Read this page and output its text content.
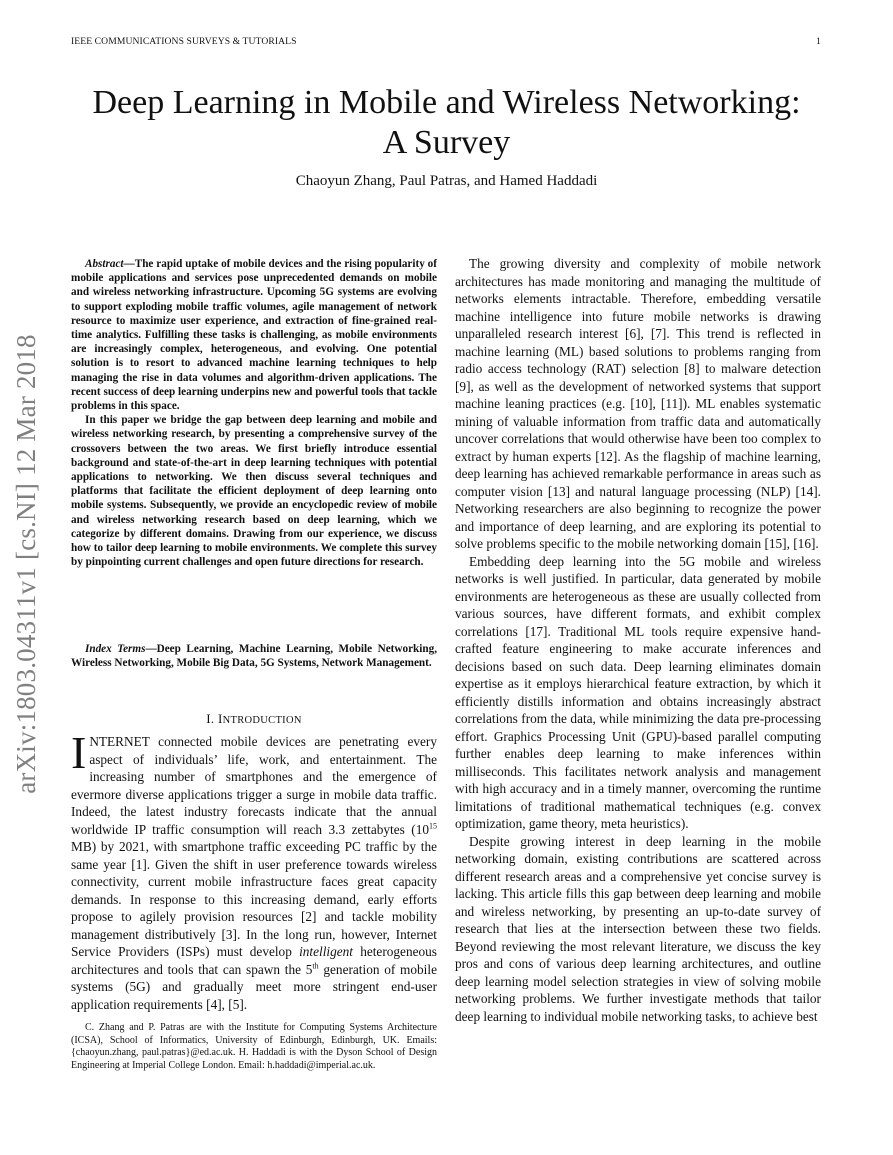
IEEE COMMUNICATIONS SURVEYS & TUTORIALS	1
Deep Learning in Mobile and Wireless Networking:
A Survey
Chaoyun Zhang, Paul Patras, and Hamed Haddadi
arXiv:1803.04311v1 [cs.NI] 12 Mar 2018

Abstract—The rapid uptake of mobile devices and the rising popularity of mobile applications and services pose unprecedented demands on mobile and wireless networking infrastructure. Upcoming 5G systems are evolving to support exploding mobile traffic volumes, agile management of network resource to maximize user experience, and extraction of fine-grained real-time analytics. Fulfilling these tasks is challenging, as mobile environments are increasingly complex, heterogeneous, and evolving. One potential solution is to resort to advanced machine learning techniques to help managing the rise in data volumes and algorithm-driven applications. The recent success of deep learning underpins new and powerful tools that tackle problems in this space.

In this paper we bridge the gap between deep learning and mobile and wireless networking research, by presenting a comprehensive survey of the crossovers between the two areas. We first briefly introduce essential background and state-of-the-art in deep learning techniques with potential applications to networking. We then discuss several techniques and platforms that facilitate the efficient deployment of deep learning onto mobile systems. Subsequently, we provide an encyclopedic review of mobile and wireless networking research based on deep learning, which we categorize by different domains. Drawing from our experience, we discuss how to tailor deep learning to mobile environments. We complete this survey by pinpointing current challenges and open future directions for research.

Index Terms—Deep Learning, Machine Learning, Mobile Networking, Wireless Networking, Mobile Big Data, 5G Systems, Network Management.

I. INTRODUCTION

INTERNET connected mobile devices are penetrating every aspect of individuals’ life, work, and entertainment. The increasing number of smartphones and the emergence of evermore diverse applications trigger a surge in mobile data traffic. Indeed, the latest industry forecasts indicate that the annual worldwide IP traffic consumption will reach 3.3 zettabytes ($10^{15}$ MB) by 2021, with smartphone traffic exceeding PC traffic by the same year [1]. Given the shift in user preference towards wireless connectivity, current mobile infrastructure faces great capacity demands. In response to this increasing demand, early efforts propose to agilely provision resources [2] and tackle mobility management distributively [3]. In the long run, however, Internet Service Providers (ISPs) must develop intelligent heterogeneous architectures and tools that can spawn the 5th generation of mobile systems (5G) and gradually meet more stringent end-user application requirements [4], [5].

C. Zhang and P. Patras are with the Institute for Computing Systems Architecture (ICSA), School of Informatics, University of Edinburgh, Edinburgh, UK. Emails: {chaoyun.zhang, paul.patras}@ed.ac.uk. H. Haddadi is with the Dyson School of Design Engineering at Imperial College London. Email: h.haddadi@imperial.ac.uk.

The growing diversity and complexity of mobile network architectures has made monitoring and managing the multitude of networks elements intractable. Therefore, embedding versatile machine intelligence into future mobile networks is drawing unparalleled research interest [6], [7]. This trend is reflected in machine learning (ML) based solutions to problems ranging from radio access technology (RAT) selection [8] to malware detection [9], as well as the development of networked systems that support machine leaning practices (e.g. [10], [11]). ML enables systematic mining of valuable information from traffic data and automatically uncover correlations that would otherwise have been too complex to extract by human experts [12]. As the flagship of machine learning, deep learning has achieved remarkable performance in areas such as computer vision [13] and natural language processing (NLP) [14]. Networking researchers are also beginning to recognize the power and importance of deep learning, and are exploring its potential to solve problems specific to the mobile networking domain [15], [16].

Embedding deep learning into the 5G mobile and wireless networks is well justified. In particular, data generated by mobile environments are heterogeneous as these are usually collected from various sources, have different formats, and exhibit complex correlations [17]. Traditional ML tools require expensive hand-crafted feature engineering to make accurate inferences and decisions based on such data. Deep learning eliminates domain expertise as it employs hierarchical feature extraction, by which it efficiently distills information and obtains increasingly abstract correlations from the data, while minimizing the data pre-processing effort. Graphics Processing Unit (GPU)-based parallel computing further enables deep learning to make inferences within milliseconds. This facilitates network analysis and management with high accuracy and in a timely manner, overcoming the runtime limitations of traditional mathematical techniques (e.g. convex optimization, game theory, meta heuristics).

Despite growing interest in deep learning in the mobile networking domain, existing contributions are scattered across different research areas and a comprehensive yet concise survey is lacking. This article fills this gap between deep learning and mobile and wireless networking, by presenting an up-to-date survey of research that lies at the intersection between these two fields. Beyond reviewing the most relevant literature, we discuss the key pros and cons of various deep learning architectures, and outline deep learning model selection strategies in view of solving mobile networking problems. We further investigate methods that tailor deep learning to individual mobile networking tasks, to achieve best
